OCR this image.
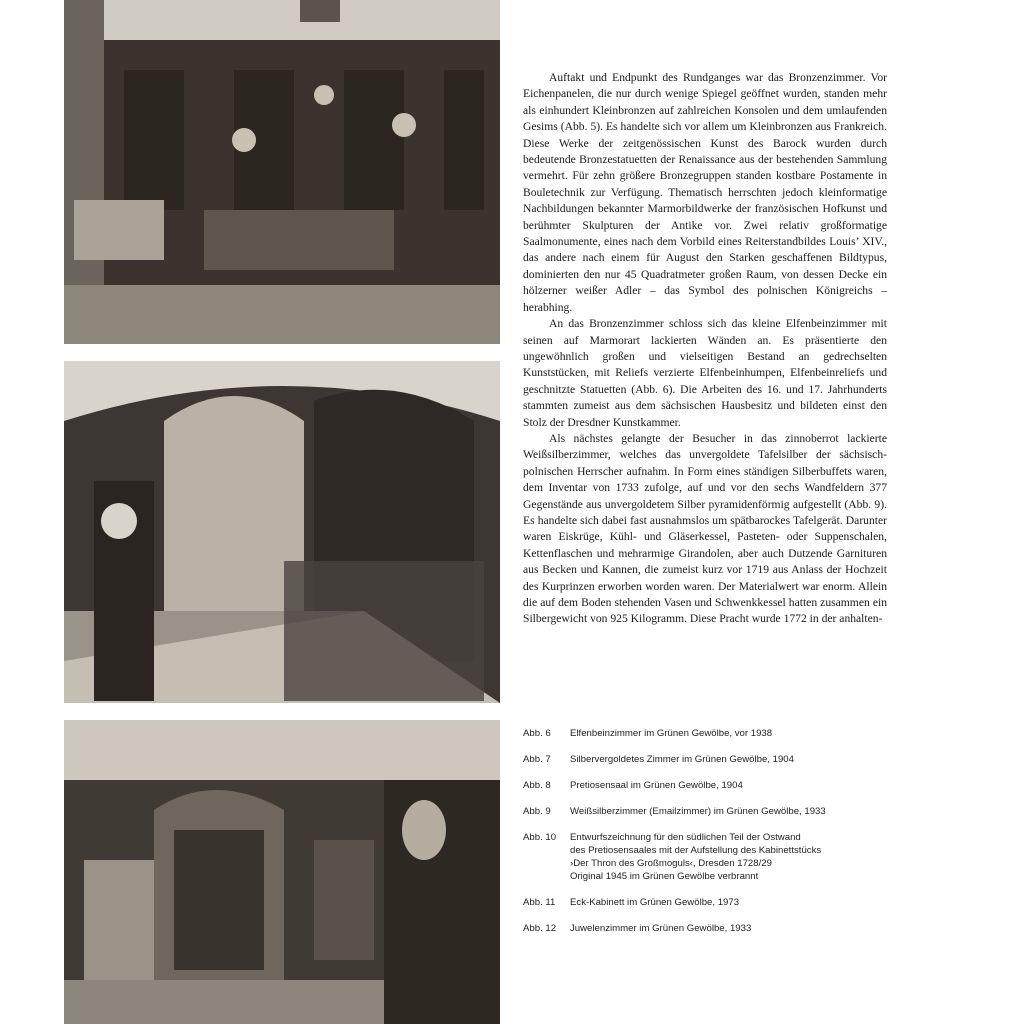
Auftakt und Endpunkt des Rundganges war das Bronzenzimmer. Vor Eichenpanelen, die nur durch wenige Spiegel geöffnet wurden, standen mehr als einhundert Kleinbronzen auf zahlreichen Konsolen und dem umlaufenden Gesims (Abb. 5). Es handelte sich vor allem um Kleinbronzen aus Frankreich. Diese Werke der zeitgenössischen Kunst des Barock wurden durch bedeutende Bronzestatuetten der Renaissance aus der bestehenden Sammlung vermehrt. Für zehn größere Bronzegruppen standen kostbare Postamente in Bouletechnik zur Verfügung. Thematisch herrschten jedoch kleinformatige Nachbildungen bekannter Marmorbildwerke der französischen Hofkunst und berühmter Skulpturen der Antike vor. Zwei relativ großformatige Saalmonumente, eines nach dem Vorbild eines Reiterstandbildes Louis’ XIV., das andere nach einem für August den Starken geschaffenen Bildtypus, dominierten den nur 45 Quadratmeter großen Raum, von dessen Decke ein hölzerner weißer Adler – das Symbol des polnischen Königreichs – herabhing.

An das Bronzenzimmer schloss sich das kleine Elfenbeinzimmer mit seinen auf Marmorart lackierten Wänden an. Es präsentierte den ungewöhnlich großen und vielseitigen Bestand an gedrechselten Kunststücken, mit Reliefs verzierte Elfenbeinhumpen, Elfenbeinreliefs und geschnitzte Statuetten (Abb. 6). Die Arbeiten des 16. und 17. Jahrhunderts stammten zumeist aus dem sächsischen Hausbesitz und bildeten einst den Stolz der Dresdner Kunstkammer.

Als nächstes gelangte der Besucher in das zinnoberrot lackierte Weißsilberzimmer, welches das unvergoldete Tafelsilber der sächsisch-polnischen Herrscher aufnahm. In Form eines ständigen Silberbuffets waren, dem Inventar von 1733 zufolge, auf und vor den sechs Wandfeldern 377 Gegenstände aus unvergoldetem Silber pyramidenförmig aufgestellt (Abb. 9). Es handelte sich dabei fast ausnahmslos um spätbarockes Tafelgerät. Darunter waren Eiskrüge, Kühl- und Gläserkessel, Pasteten- oder Suppenschalen, Kettenflaschen und mehrarmige Girandolen, aber auch Dutzende Garnituren aus Becken und Kannen, die zumeist kurz vor 1719 aus Anlass der Hochzeit des Kurprinzen erworben worden waren. Der Materialwert war enorm. Allein die auf dem Boden stehenden Vasen und Schwenkkessel hatten zusammen ein Silbergewicht von 925 Kilogramm. Diese Pracht wurde 1772 in der anhalten-

Abb. 6	Elfenbeinzimmer im Grünen Gewölbe, vor 1938
Abb. 7	Silbervergoldetes Zimmer im Grünen Gewölbe, 1904
Abb. 8	Pretiosensaal im Grünen Gewölbe, 1904
Abb. 9	Weißsilberzimmer (Emailzimmer) im Grünen Gewölbe, 1933
Abb. 10	Entwurfszeichnung für den südlichen Teil der Ostwand
des Pretiosensaales mit der Aufstellung des Kabinettstücks
›Der Thron des Großmoguls‹, Dresden 1728/29
Original 1945 im Grünen Gewölbe verbrannt
Abb. 11	Eck-Kabinett im Grünen Gewölbe, 1973
Abb. 12	Juwelenzimmer im Grünen Gewölbe, 1933
